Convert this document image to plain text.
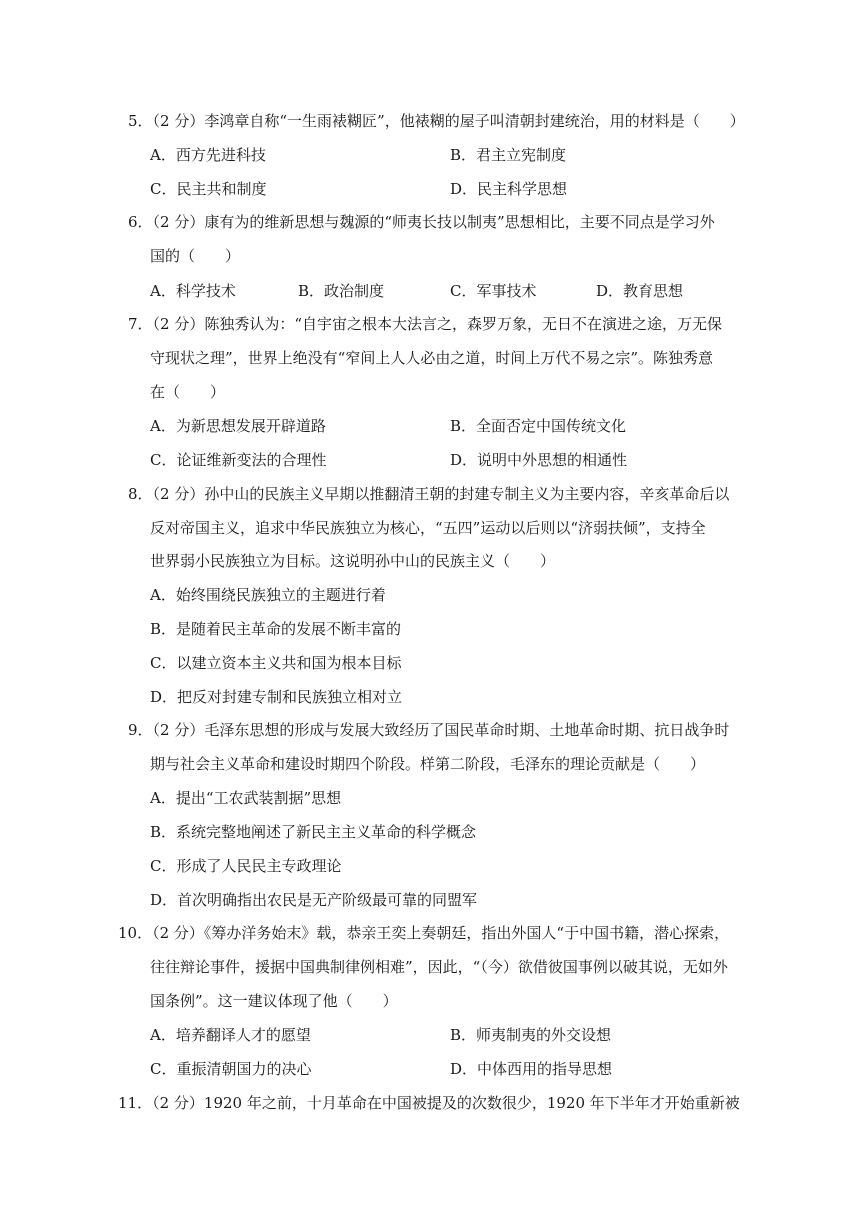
5．（2 分）李鸿章自称“一生雨裱糊匠”，他裱糊的屋子叫清朝封建统治，用的材料是（　　）
A．西方先进科技	B．君主立宪制度
C．民主共和制度	D．民主科学思想
6．（2 分）康有为的维新思想与魏源的“师夷长技以制夷”思想相比，主要不同点是学习外
国的（　　）
A．科学技术	B．政治制度	C．军事技术	D．教育思想
7．（2 分）陈独秀认为：“自宇宙之根本大法言之，森罗万象，无日不在演进之途，万无保
守现状之理”，世界上绝没有“窄间上人人必由之道，时间上万代不易之宗”。陈独秀意
在（　　）
A．为新思想发展开辟道路	B．全面否定中国传统文化
C．论证维新变法的合理性	D．说明中外思想的相通性
8．（2 分）孙中山的民族主义早期以推翻清王朝的封建专制主义为主要内容，辛亥革命后以
反对帝国主义，追求中华民族独立为核心，“五四”运动以后则以“济弱扶倾”，支持全
世界弱小民族独立为目标。这说明孙中山的民族主义（　　）
A．始终围绕民族独立的主题进行着
B．是随着民主革命的发展不断丰富的
C．以建立资本主义共和国为根本目标
D．把反对封建专制和民族独立相对立
9．（2 分）毛泽东思想的形成与发展大致经历了国民革命时期、土地革命时期、抗日战争时
期与社会主义革命和建设时期四个阶段。样第二阶段，毛泽东的理论贡献是（　　）
A．提出“工农武装割据”思想
B．系统完整地阐述了新民主主义革命的科学概念
C．形成了人民民主专政理论
D．首次明确指出农民是无产阶级最可靠的同盟军
10．（2 分）《筹办洋务始末》载，恭亲王奕上奏朝廷，指出外国人“于中国书籍，潜心探索，
往往辩论事件，援据中国典制律例相难”，因此，“（今）欲借彼国事例以破其说，无如外
国条例”。这一建议体现了他（　　）
A．培养翻译人才的愿望	B．师夷制夷的外交设想
C．重振清朝国力的决心	D．中体西用的指导思想
11．（2 分）1920 年之前，十月革命在中国被提及的次数很少，1920 年下半年才开始重新被
